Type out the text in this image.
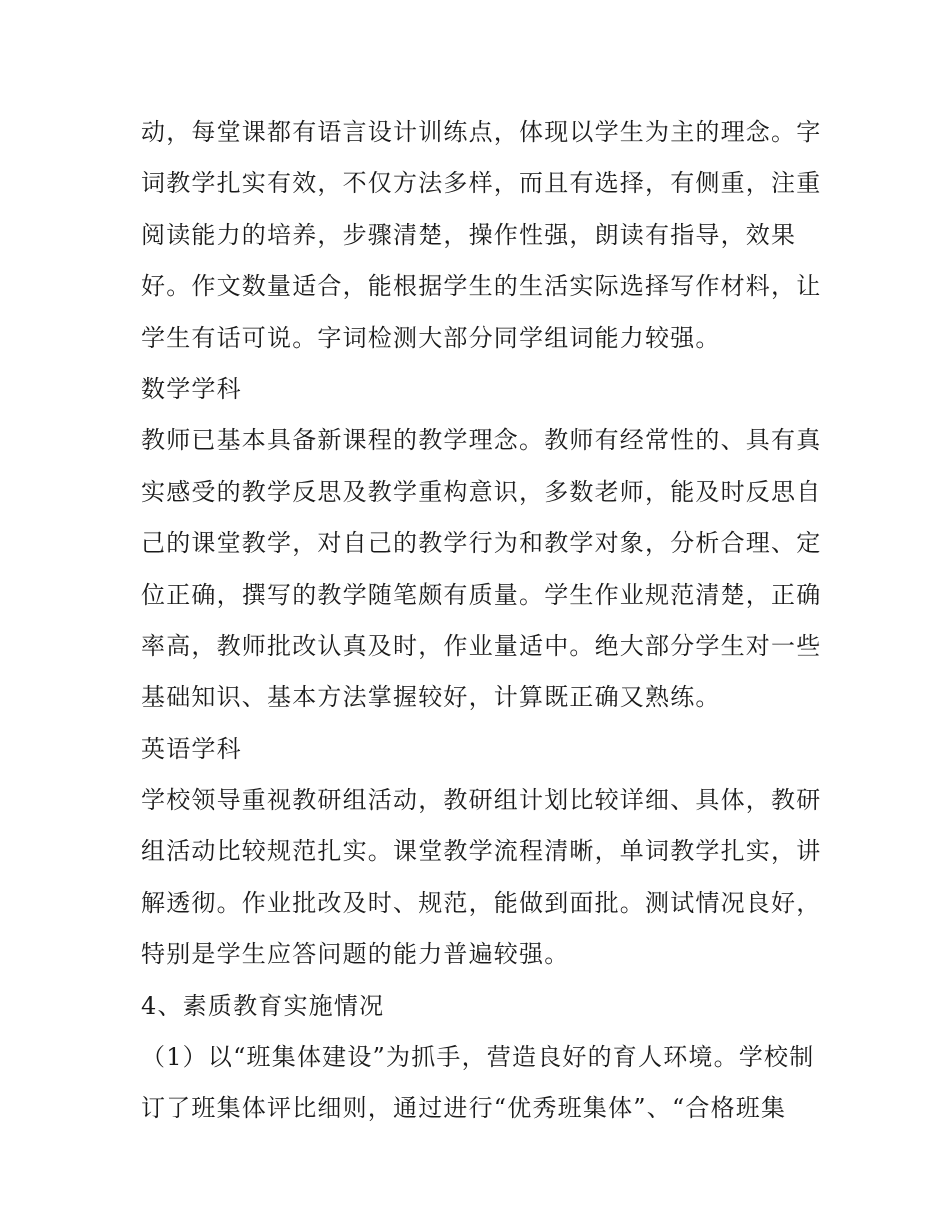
动，每堂课都有语言设计训练点，体现以学生为主的理念。字
词教学扎实有效，不仅方法多样，而且有选择，有侧重，注重
阅读能力的培养，步骤清楚，操作性强，朗读有指导，效果
好。作文数量适合，能根据学生的生活实际选择写作材料，让
学生有话可说。字词检测大部分同学组词能力较强。
数学学科
教师已基本具备新课程的教学理念。教师有经常性的、具有真
实感受的教学反思及教学重构意识，多数老师，能及时反思自
己的课堂教学，对自己的教学行为和教学对象，分析合理、定
位正确，撰写的教学随笔颇有质量。学生作业规范清楚，正确
率高，教师批改认真及时，作业量适中。绝大部分学生对一些
基础知识、基本方法掌握较好，计算既正确又熟练。
英语学科
学校领导重视教研组活动，教研组计划比较详细、具体，教研
组活动比较规范扎实。课堂教学流程清晰，单词教学扎实，讲
解透彻。作业批改及时、规范，能做到面批。测试情况良好，
特别是学生应答问题的能力普遍较强。
4、素质教育实施情况
（1）以“班集体建设”为抓手，营造良好的育人环境。学校制
订了班集体评比细则，通过进行“优秀班集体”、“合格班集
